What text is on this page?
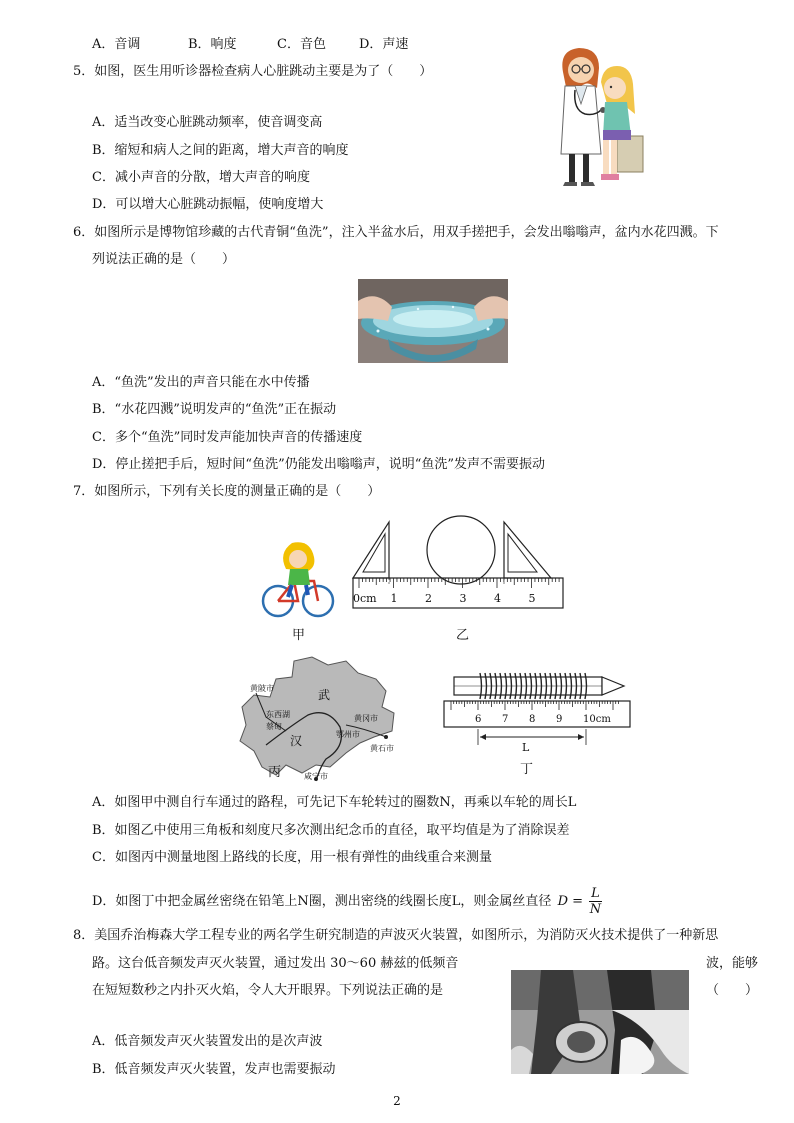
A．音调	B．响度	C．音色	D．声速
5．如图，医生用听诊器检查病人心脏跳动主要是为了（　　）
A．适当改变心脏跳动频率，使音调变高
B．缩短和病人之间的距离，增大声音的响度
C．减小声音的分散，增大声音的响度
D．可以增大心脏跳动振幅，使响度增大
6．如图所示是博物馆珍藏的古代青铜“鱼洗”，注入半盆水后，用双手搓把手，会发出嗡嗡声，盆内水花四溅。下
列说法正确的是（　　）
A．“鱼洗”发出的声音只能在水中传播
B．“水花四溅”说明发声的“鱼洗”正在振动
C．多个“鱼洗”同时发声能加快声音的传播速度
D．停止搓把手后，短时间“鱼洗”仍能发出嗡嗡声，说明“鱼洗”发声不需要振动
7．如图所示，下列有关长度的测量正确的是（　　）
甲
0cm 1	2	3	4	5
乙
黄陂市	武
东西湖
蔡甸
汉
黄冈市
鄂州市
黄石市
咸宁市
丙
6 7 8 9 10cm
L
丁
A．如图甲中测自行车通过的路程，可先记下车轮转过的圈数N，再乘以车轮的周长L
B．如图乙中使用三角板和刻度尺多次测出纪念币的直径，取平均值是为了消除误差
C．如图丙中测量地图上路线的长度，用一根有弹性的曲线重合来测量
D．如图丁中把金属丝密绕在铅笔上N圈，测出密绕的线圈长度L，则金属丝直径 $D = \frac{L}{N}$
8．美国乔治梅森大学工程专业的两名学生研究制造的声波灭火装置，如图所示，为消防灭火技术提供了一种新思
路。这台低音频发声灭火装置，通过发出 30～60 赫兹的低频音	波，能够
在短短数秒之内扑灭火焰，令人大开眼界。下列说法正确的是	（　　）
A．低音频发声灭火装置发出的是次声波
B．低音频发声灭火装置，发声也需要振动
2
